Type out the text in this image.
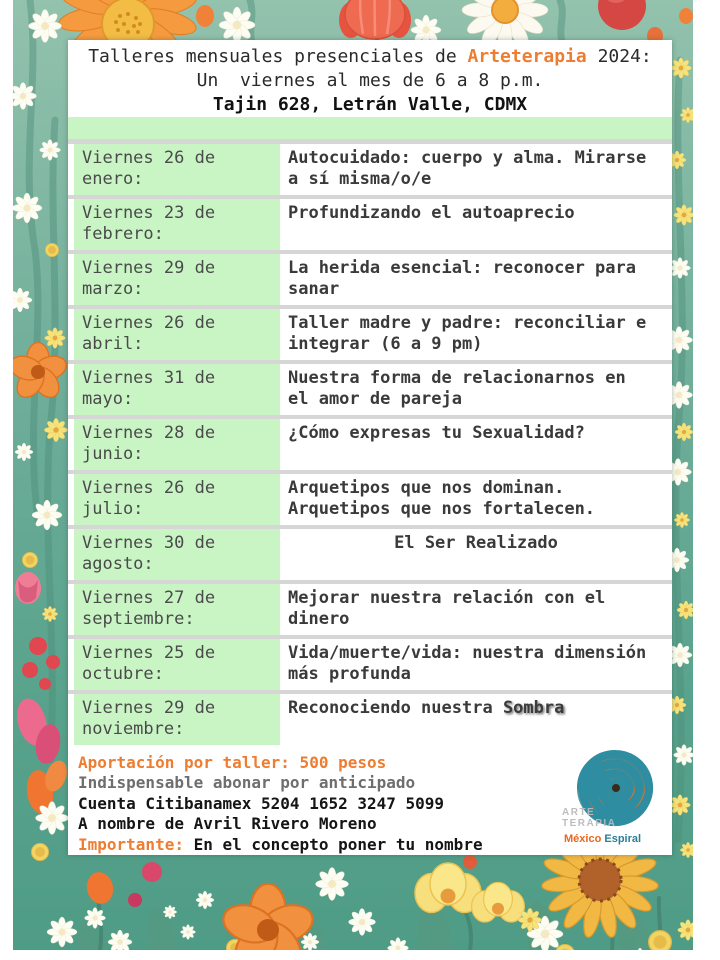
Talleres mensuales presenciales de Arteterapia 2024:
Un  viernes al mes de 6 a 8 p.m.
Tajin 628, Letrán Valle, CDMX
Viernes 26 de enero:
Autocuidado: cuerpo y alma. Mirarse a sí misma/o/e
Viernes 23 de febrero:
Profundizando el autoaprecio
Viernes 29 de marzo:
La herida esencial: reconocer para sanar
Viernes 26 de abril:
Taller madre y padre: reconciliar e integrar (6 a 9 pm)
Viernes 31 de mayo:
Nuestra forma de relacionarnos en el amor de pareja
Viernes 28 de junio:
¿Cómo expresas tu Sexualidad?
Viernes 26 de julio:
Arquetipos que nos dominan. Arquetipos que nos fortalecen.
Viernes 30 de agosto:
El Ser Realizado
Viernes 27 de septiembre:
Mejorar nuestra relación con el dinero
Viernes 25 de octubre:
Vida/muerte/vida: nuestra dimensión más profunda
Viernes 29 de noviembre:
Reconociendo nuestra Sombra
Aportación por taller: 500 pesos
Indispensable abonar por anticipado
Cuenta Citibanamex 5204 1652 3247 5099
A nombre de Avril Rivero Moreno
Importante: En el concepto poner tu nombre
ARTE
TERAPIA
México Espiral
